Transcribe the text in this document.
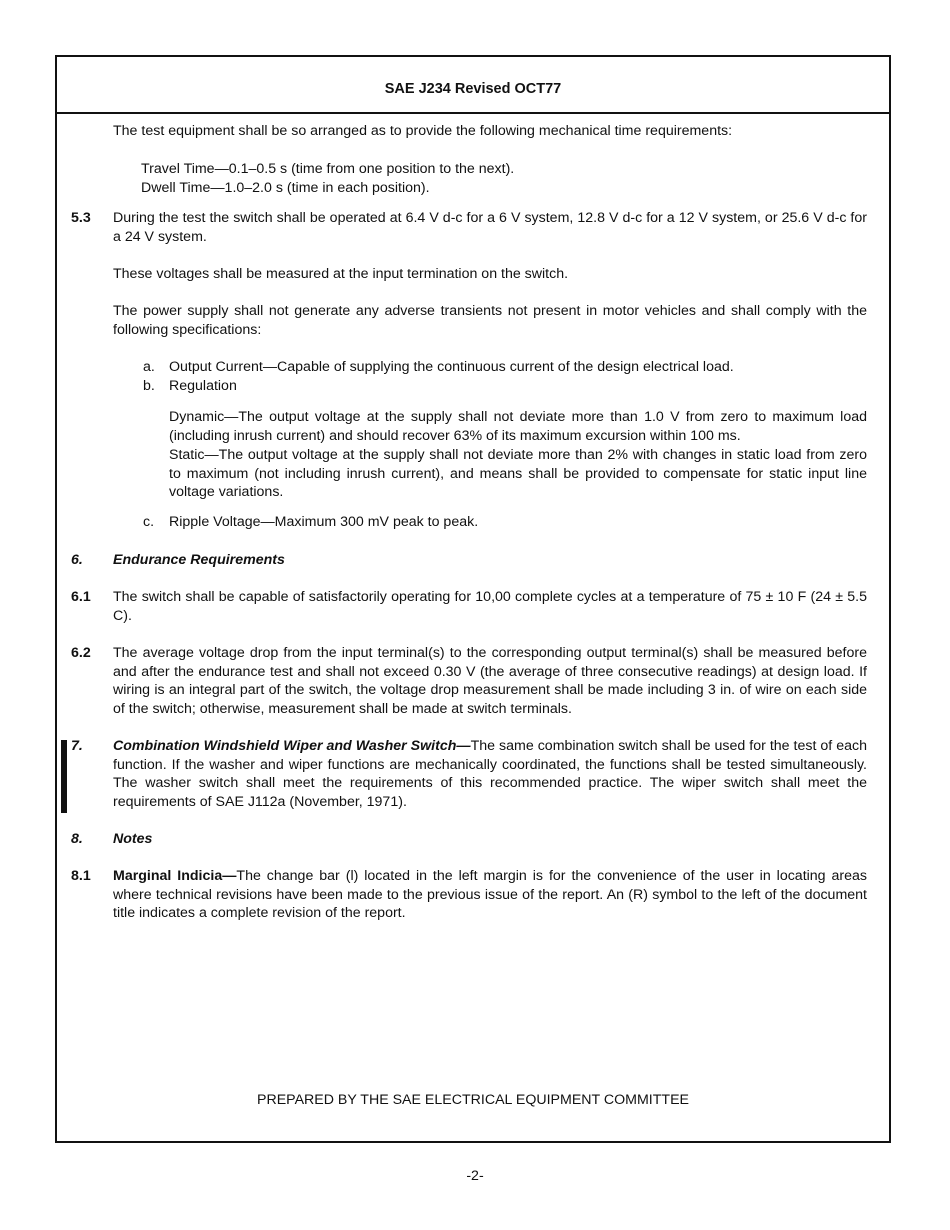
SAE J234 Revised OCT77
The test equipment shall be so arranged as to provide the following mechanical time requirements:
Travel Time—0.1–0.5 s (time from one position to the next).
Dwell Time—1.0–2.0 s (time in each position).
5.3 During the test the switch shall be operated at 6.4 V d-c for a 6 V system, 12.8 V d-c for a 12 V system, or 25.6 V d-c for a 24 V system.
These voltages shall be measured at the input termination on the switch.
The power supply shall not generate any adverse transients not present in motor vehicles and shall comply with the following specifications:
a. Output Current—Capable of supplying the continuous current of the design electrical load.
b. Regulation
Dynamic—The output voltage at the supply shall not deviate more than 1.0 V from zero to maximum load (including inrush current) and should recover 63% of its maximum excursion within 100 ms.
Static—The output voltage at the supply shall not deviate more than 2% with changes in static load from zero to maximum (not including inrush current), and means shall be provided to compensate for static input line voltage variations.
c. Ripple Voltage—Maximum 300 mV peak to peak.
6. Endurance Requirements
6.1 The switch shall be capable of satisfactorily operating for 10,00 complete cycles at a temperature of 75 ± 10 F (24 ± 5.5 C).
6.2 The average voltage drop from the input terminal(s) to the corresponding output terminal(s) shall be measured before and after the endurance test and shall not exceed 0.30 V (the average of three consecutive readings) at design load. If wiring is an integral part of the switch, the voltage drop measurement shall be made including 3 in. of wire on each side of the switch; otherwise, measurement shall be made at switch terminals.
7. Combination Windshield Wiper and Washer Switch—The same combination switch shall be used for the test of each function. If the washer and wiper functions are mechanically coordinated, the functions shall be tested simultaneously. The washer switch shall meet the requirements of this recommended practice. The wiper switch shall meet the requirements of SAE J112a (November, 1971).
8. Notes
8.1 Marginal Indicia—The change bar (l) located in the left margin is for the convenience of the user in locating areas where technical revisions have been made to the previous issue of the report. An (R) symbol to the left of the document title indicates a complete revision of the report.
PREPARED BY THE SAE ELECTRICAL EQUIPMENT COMMITTEE
-2-
